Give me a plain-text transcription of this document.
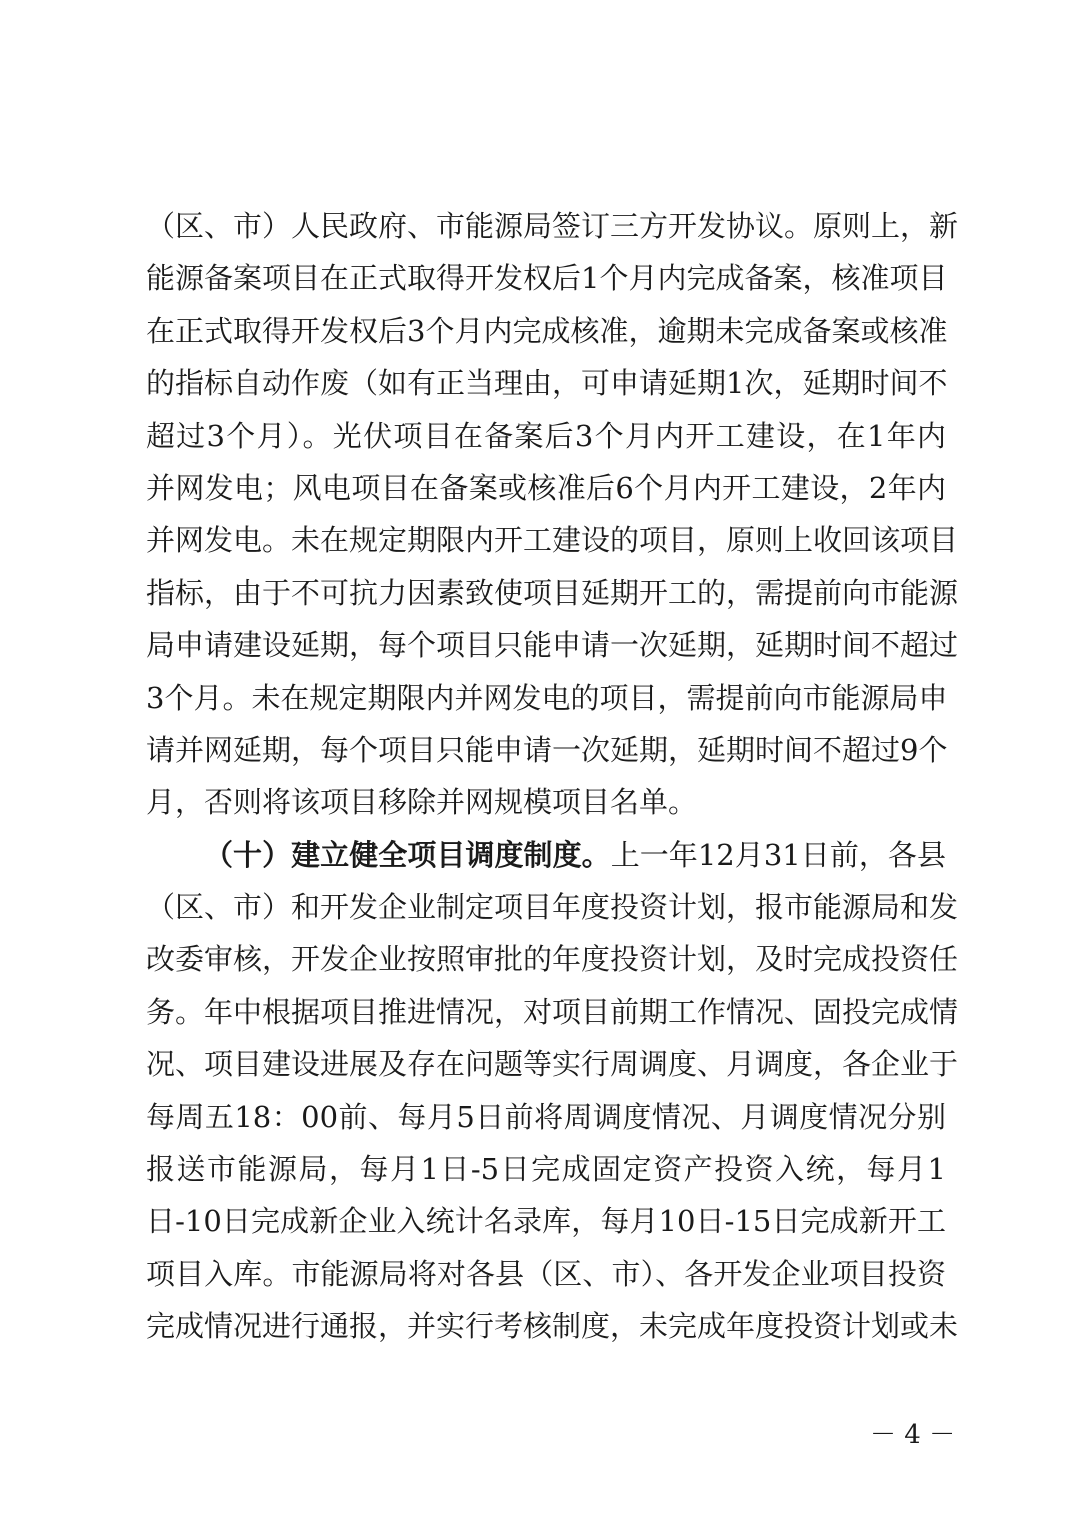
（区、市）人民政府、市能源局签订三方开发协议。原则上，新
能源备案项目在正式取得开发权后1个月内完成备案，核准项目
在正式取得开发权后3个月内完成核准，逾期未完成备案或核准
的指标自动作废（如有正当理由，可申请延期1次，延期时间不
超过3个月）。光伏项目在备案后3个月内开工建设，在1年内
并网发电；风电项目在备案或核准后6个月内开工建设，2年内
并网发电。未在规定期限内开工建设的项目，原则上收回该项目
指标，由于不可抗力因素致使项目延期开工的，需提前向市能源
局申请建设延期，每个项目只能申请一次延期，延期时间不超过
3个月。未在规定期限内并网发电的项目，需提前向市能源局申
请并网延期，每个项目只能申请一次延期，延期时间不超过9个
月，否则将该项目移除并网规模项目名单。
（十）建立健全项目调度制度。上一年12月31日前，各县
（区、市）和开发企业制定项目年度投资计划，报市能源局和发
改委审核，开发企业按照审批的年度投资计划，及时完成投资任
务。年中根据项目推进情况，对项目前期工作情况、固投完成情
况、项目建设进展及存在问题等实行周调度、月调度，各企业于
每周五18：00前、每月5日前将周调度情况、月调度情况分别
报送市能源局，每月1日-5日完成固定资产投资入统，每月1
日-10日完成新企业入统计名录库，每月10日-15日完成新开工
项目入库。市能源局将对各县（区、市）、各开发企业项目投资
完成情况进行通报，并实行考核制度，未完成年度投资计划或未
－ 4 －
